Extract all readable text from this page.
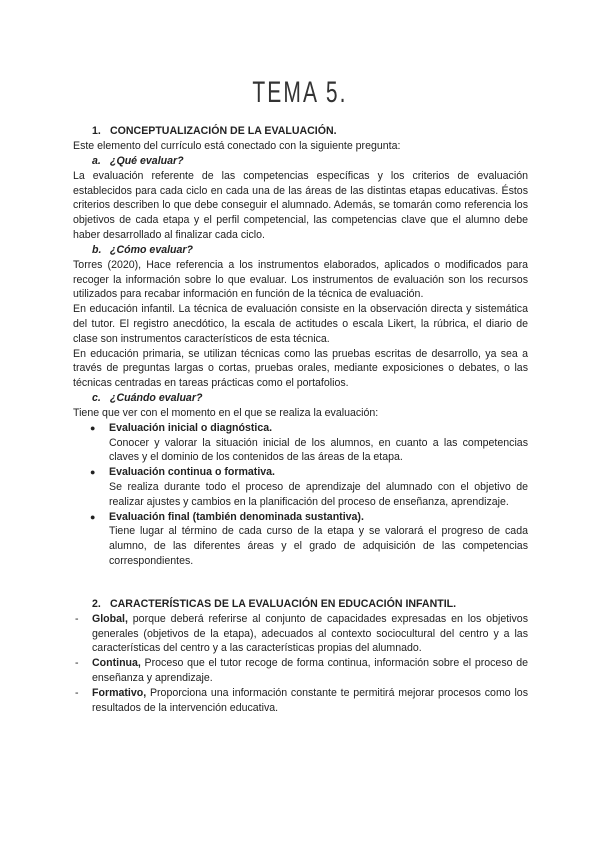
TEMA 5.

1. CONCEPTUALIZACIÓN DE LA EVALUACIÓN.

Este elemento del currículo está conectado con la siguiente pregunta:

a. ¿Qué evaluar?

La evaluación referente de las competencias específicas y los criterios de evaluación establecidos para cada ciclo en cada una de las áreas de las distintas etapas educativas. Éstos criterios describen lo que debe conseguir el alumnado. Además, se tomarán como referencia los objetivos de cada etapa y el perfil competencial, las competencias clave que el alumno debe haber desarrollado al finalizar cada ciclo.

b. ¿Cómo evaluar?

Torres (2020), Hace referencia a los instrumentos elaborados, aplicados o modificados para recoger la información sobre lo que evaluar. Los instrumentos de evaluación son los recursos utilizados para recabar información en función de la técnica de evaluación.

En educación infantil. La técnica de evaluación consiste en la observación directa y sistemática del tutor. El registro anecdótico, la escala de actitudes o escala Likert, la rúbrica, el diario de clase son instrumentos característicos de esta técnica.

En educación primaria, se utilizan técnicas como las pruebas escritas de desarrollo, ya sea a través de preguntas largas o cortas, pruebas orales, mediante exposiciones o debates, o las técnicas centradas en tareas prácticas como el portafolios.

c. ¿Cuándo evaluar?

Tiene que ver con el momento en el que se realiza la evaluación:

● Evaluación inicial o diagnóstica.
Conocer y valorar la situación inicial de los alumnos, en cuanto a las competencias claves y el dominio de los contenidos de las áreas de la etapa.
● Evaluación continua o formativa.
Se realiza durante todo el proceso de aprendizaje del alumnado con el objetivo de realizar ajustes y cambios en la planificación del proceso de enseñanza, aprendizaje.
● Evaluación final (también denominada sustantiva).
Tiene lugar al término de cada curso de la etapa y se valorará el progreso de cada alumno, de las diferentes áreas y el grado de adquisición de las competencias correspondientes.

2. CARACTERÍSTICAS DE LA EVALUACIÓN EN EDUCACIÓN INFANTIL.

- Global, porque deberá referirse al conjunto de capacidades expresadas en los objetivos generales (objetivos de la etapa), adecuados al contexto sociocultural del centro y a las características del centro y a las características propias del alumnado.
- Continua, Proceso que el tutor recoge de forma continua, información sobre el proceso de enseñanza y aprendizaje.
- Formativo, Proporciona una información constante te permitirá mejorar procesos como los resultados de la intervención educativa.
